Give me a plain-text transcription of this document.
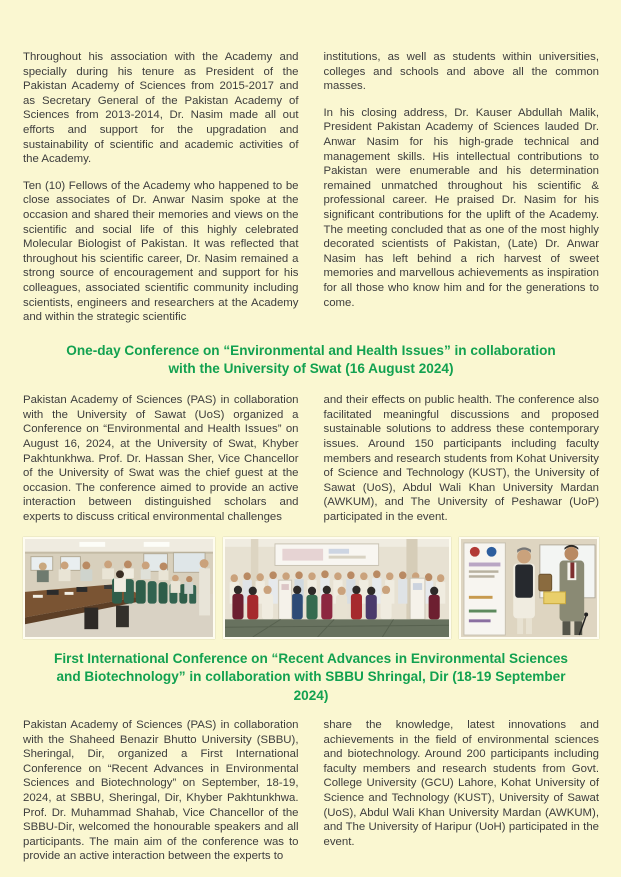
Throughout his association with the Academy and specially during his tenure as President of the Pakistan Academy of Sciences from 2015-2017 and as Secretary General of the Pakistan Academy of Sciences from 2013-2014, Dr. Nasim made all out efforts and support for the upgradation and sustainability of scientific and academic activities of the Academy.

Ten (10) Fellows of the Academy who happened to be close associates of Dr. Anwar Nasim spoke at the occasion and shared their memories and views on the scientific and social life of this highly celebrated Molecular Biologist of Pakistan. It was reflected that throughout his scientific career, Dr. Nasim remained a strong source of encouragement and support for his colleagues, associated scientific community including scientists, engineers and researchers at the Academy and within the strategic scientific

institutions, as well as students within universities, colleges and schools and above all the common masses.

In his closing address, Dr. Kauser Abdullah Malik, President Pakistan Academy of Sciences lauded Dr. Anwar Nasim for his high-grade technical and management skills. His intellectual contributions to Pakistan were enumerable and his determination remained unmatched throughout his scientific & professional career. He praised Dr. Nasim for his significant contributions for the uplift of the Academy. The meeting concluded that as one of the most highly decorated scientists of Pakistan, (Late) Dr. Anwar Nasim has left behind a rich harvest of sweet memories and marvellous achievements as inspiration for all those who know him and for the generations to come.

One-day Conference on “Environmental and Health Issues” in collaboration with the University of Swat (16 August 2024)

Pakistan Academy of Sciences (PAS) in collaboration with the University of Sawat (UoS) organized a Conference on “Environmental and Health Issues” on August 16, 2024, at the University of Swat, Khyber Pakhtunkhwa. Prof. Dr. Hassan Sher, Vice Chancellor of the University of Swat was the chief guest at the occasion. The conference aimed to provide an active interaction between distinguished scholars and experts to discuss critical environmental challenges

and their effects on public health. The conference also facilitated meaningful discussions and proposed sustainable solutions to address these contemporary issues. Around 150 participants including faculty members and research students from Kohat University of Science and Technology (KUST), the University of Sawat (UoS), Abdul Wali Khan University Mardan (AWKUM), and The University of Peshawar (UoP) participated in the event.

First International Conference on “Recent Advances in Environmental Sciences and Biotechnology” in collaboration with SBBU Shringal, Dir (18-19 September 2024)

Pakistan Academy of Sciences (PAS) in collaboration with the Shaheed Benazir Bhutto University (SBBU), Sheringal, Dir, organized a First International Conference on “Recent Advances in Environmental Sciences and Biotechnology” on September, 18-19, 2024, at SBBU, Sheringal, Dir, Khyber Pakhtunkhwa. Prof. Dr. Muhammad Shahab, Vice Chancellor of the SBBU-Dir, welcomed the honourable speakers and all participants. The main aim of the conference was to provide an active interaction between the experts to

share the knowledge, latest innovations and achievements in the field of environmental sciences and biotechnology. Around 200 participants including faculty members and research students from Govt. College University (GCU) Lahore, Kohat University of Science and Technology (KUST), University of Sawat (UoS), Abdul Wali Khan University Mardan (AWKUM), and The University of Haripur (UoH) participated in the event.
